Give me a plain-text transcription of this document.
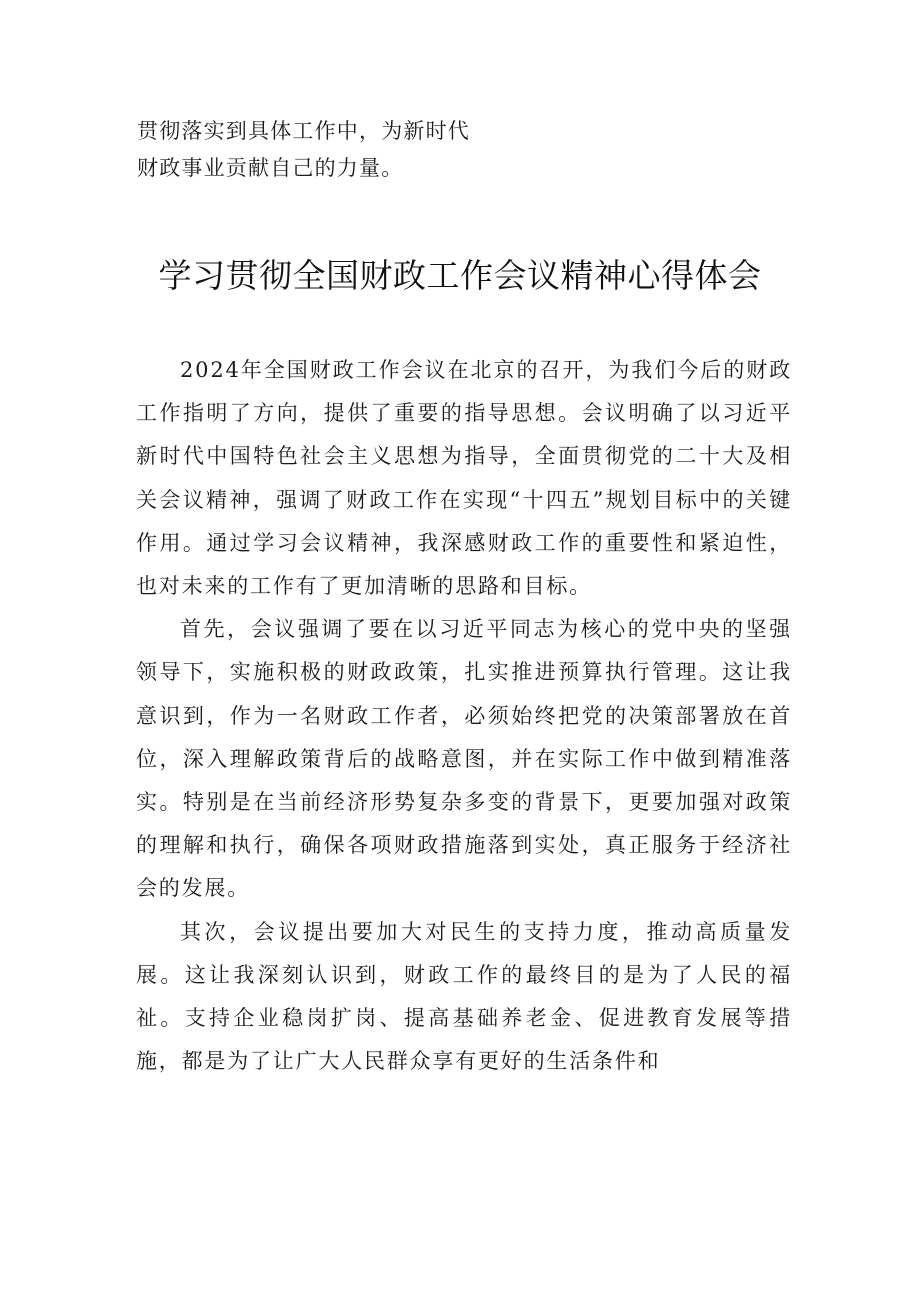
贯彻落实到具体工作中，为新时代
财政事业贡献自己的力量。
学习贯彻全国财政工作会议精神心得体会

2024年全国财政工作会议在北京的召开，为我们今后的财政工作指明了方向，提供了重要的指导思想。会议明确了以习近平新时代中国特色社会主义思想为指导，全面贯彻党的二十大及相关会议精神，强调了财政工作在实现“十四五”规划目标中的关键作用。通过学习会议精神，我深感财政工作的重要性和紧迫性，也对未来的工作有了更加清晰的思路和目标。

首先，会议强调了要在以习近平同志为核心的党中央的坚强领导下，实施积极的财政政策，扎实推进预算执行管理。这让我意识到，作为一名财政工作者，必须始终把党的决策部署放在首位，深入理解政策背后的战略意图，并在实际工作中做到精准落实。特别是在当前经济形势复杂多变的背景下，更要加强对政策的理解和执行，确保各项财政措施落到实处，真正服务于经济社会的发展。

其次，会议提出要加大对民生的支持力度，推动高质量发展。这让我深刻认识到，财政工作的最终目的是为了人民的福祉。支持企业稳岗扩岗、提高基础养老金、促进教育发展等措施，都是为了让广大人民群众享有更好的生活条件和
